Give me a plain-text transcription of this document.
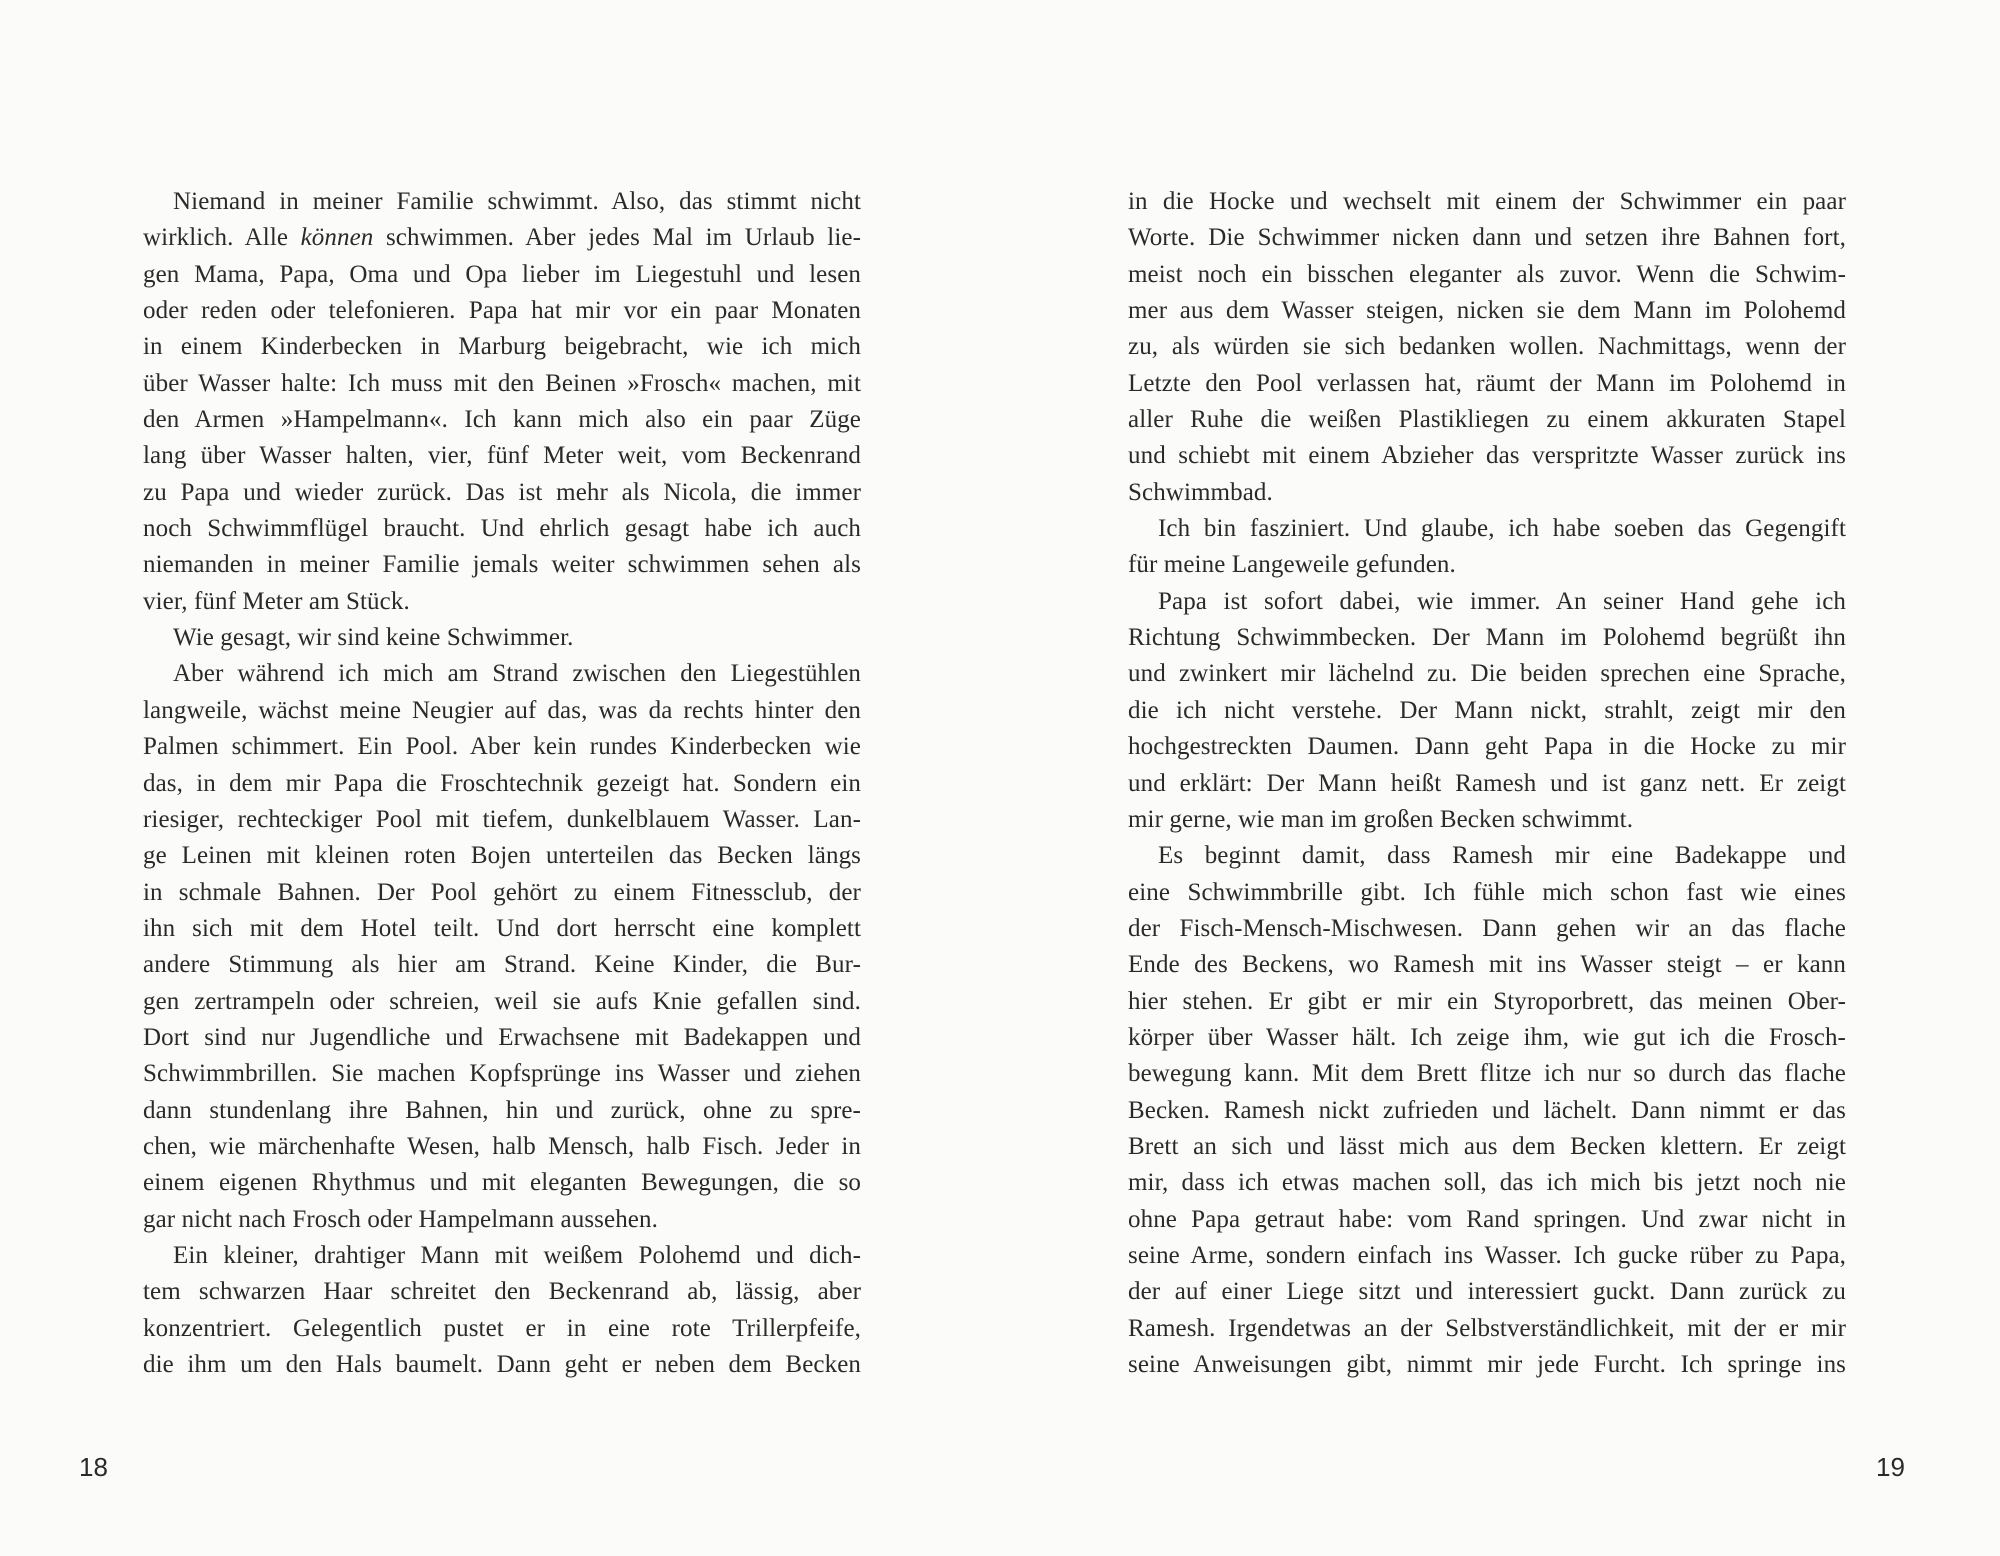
Niemand in meiner Familie schwimmt. Also, das stimmt nicht
wirklich. Alle können schwimmen. Aber jedes Mal im Urlaub lie-
gen Mama, Papa, Oma und Opa lieber im Liegestuhl und lesen
oder reden oder telefonieren. Papa hat mir vor ein paar Monaten
in einem Kinderbecken in Marburg beigebracht, wie ich mich
über Wasser halte: Ich muss mit den Beinen »Frosch« machen, mit
den Armen »Hampelmann«. Ich kann mich also ein paar Züge
lang über Wasser halten, vier, fünf Meter weit, vom Beckenrand
zu Papa und wieder zurück. Das ist mehr als Nicola, die immer
noch Schwimmflügel braucht. Und ehrlich gesagt habe ich auch
niemanden in meiner Familie jemals weiter schwimmen sehen als
vier, fünf Meter am Stück.
Wie gesagt, wir sind keine Schwimmer.
Aber während ich mich am Strand zwischen den Liegestühlen
langweile, wächst meine Neugier auf das, was da rechts hinter den
Palmen schimmert. Ein Pool. Aber kein rundes Kinderbecken wie
das, in dem mir Papa die Froschtechnik gezeigt hat. Sondern ein
riesiger, rechteckiger Pool mit tiefem, dunkelblauem Wasser. Lan-
ge Leinen mit kleinen roten Bojen unterteilen das Becken längs
in schmale Bahnen. Der Pool gehört zu einem Fitnessclub, der
ihn sich mit dem Hotel teilt. Und dort herrscht eine komplett
andere Stimmung als hier am Strand. Keine Kinder, die Bur-
gen zertrampeln oder schreien, weil sie aufs Knie gefallen sind.
Dort sind nur Jugendliche und Erwachsene mit Badekappen und
Schwimmbrillen. Sie machen Kopfsprünge ins Wasser und ziehen
dann stundenlang ihre Bahnen, hin und zurück, ohne zu spre-
chen, wie märchenhafte Wesen, halb Mensch, halb Fisch. Jeder in
einem eigenen Rhythmus und mit eleganten Bewegungen, die so
gar nicht nach Frosch oder Hampelmann aussehen.
Ein kleiner, drahtiger Mann mit weißem Polohemd und dich-
tem schwarzen Haar schreitet den Beckenrand ab, lässig, aber
konzentriert. Gelegentlich pustet er in eine rote Trillerpfeife,
die ihm um den Hals baumelt. Dann geht er neben dem Becken
in die Hocke und wechselt mit einem der Schwimmer ein paar
Worte. Die Schwimmer nicken dann und setzen ihre Bahnen fort,
meist noch ein bisschen eleganter als zuvor. Wenn die Schwim-
mer aus dem Wasser steigen, nicken sie dem Mann im Polohemd
zu, als würden sie sich bedanken wollen. Nachmittags, wenn der
Letzte den Pool verlassen hat, räumt der Mann im Polohemd in
aller Ruhe die weißen Plastikliegen zu einem akkuraten Stapel
und schiebt mit einem Abzieher das verspritzte Wasser zurück ins
Schwimmbad.
Ich bin fasziniert. Und glaube, ich habe soeben das Gegengift
für meine Langeweile gefunden.
Papa ist sofort dabei, wie immer. An seiner Hand gehe ich
Richtung Schwimmbecken. Der Mann im Polohemd begrüßt ihn
und zwinkert mir lächelnd zu. Die beiden sprechen eine Sprache,
die ich nicht verstehe. Der Mann nickt, strahlt, zeigt mir den
hochgestreckten Daumen. Dann geht Papa in die Hocke zu mir
und erklärt: Der Mann heißt Ramesh und ist ganz nett. Er zeigt
mir gerne, wie man im großen Becken schwimmt.
Es beginnt damit, dass Ramesh mir eine Badekappe und
eine Schwimmbrille gibt. Ich fühle mich schon fast wie eines
der Fisch-Mensch-Mischwesen. Dann gehen wir an das flache
Ende des Beckens, wo Ramesh mit ins Wasser steigt – er kann
hier stehen. Er gibt er mir ein Styroporbrett, das meinen Ober-
körper über Wasser hält. Ich zeige ihm, wie gut ich die Frosch-
bewegung kann. Mit dem Brett flitze ich nur so durch das flache
Becken. Ramesh nickt zufrieden und lächelt. Dann nimmt er das
Brett an sich und lässt mich aus dem Becken klettern. Er zeigt
mir, dass ich etwas machen soll, das ich mich bis jetzt noch nie
ohne Papa getraut habe: vom Rand springen. Und zwar nicht in
seine Arme, sondern einfach ins Wasser. Ich gucke rüber zu Papa,
der auf einer Liege sitzt und interessiert guckt. Dann zurück zu
Ramesh. Irgendetwas an der Selbstverständlichkeit, mit der er mir
seine Anweisungen gibt, nimmt mir jede Furcht. Ich springe ins
18	19
